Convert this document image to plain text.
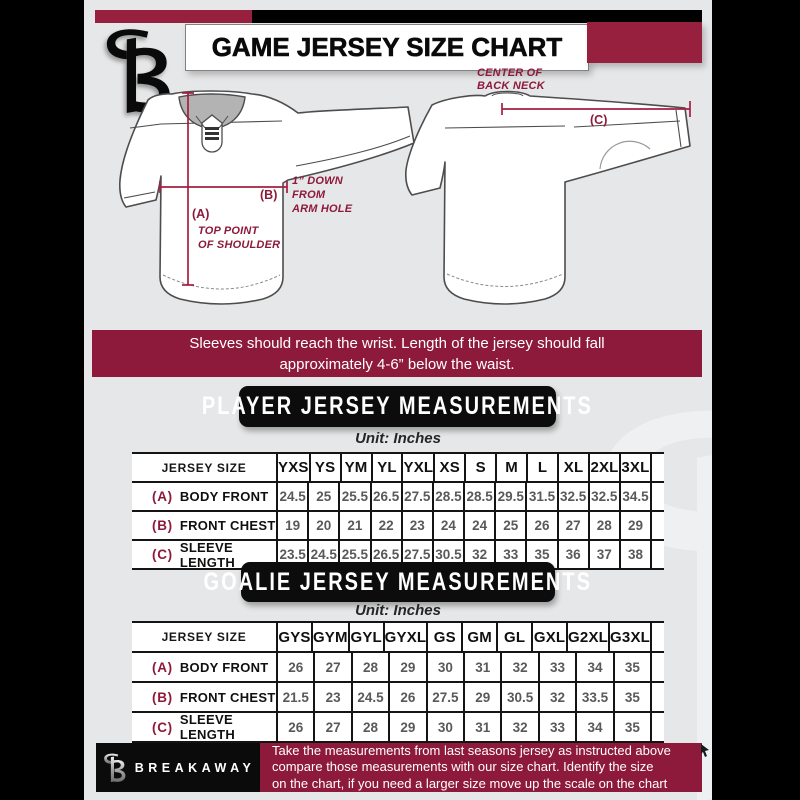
GAME JERSEY SIZE CHART
(A)
TOP POINT OF SHOULDER
(B)
1” DOWN FROM ARM HOLE
(C)
CENTER OF BACK NECK
Sleeves should reach the wrist. Length of the jersey should fall
approximately 4-6” below the waist.
PLAYER JERSEY MEASUREMENTS
Unit: Inches
JERSEY SIZE	YXS YS YM YL YXL XS S M L XL 2XL 3XL
(A) BODY FRONT 24.5 25 25.5 26.5 27.5 28.5 28.5 29.5 31.5 32.5 32.5 34.5
(B) FRONT CHEST 19 20 21 22 23 24 24 25 26 27 28 29
(C) SLEEVE LENGTH	23.5 24.5 25.5 26.5 27.5 30.5 32 33 35 36 37 38
GOALIE JERSEY MEASUREMENTS
Unit: Inches
JERSEY SIZE	GYS GYM GYL GYXL GS GM GL GXL G2XL G3XL
(A) BODY FRONT 26 27 28 29 30 31 32 33 34 35
(B) FRONT CHEST 21.5 23 24.5 26 27.5 29 30.5 32 33.5 35
(C) SLEEVE LENGTH	26 27 28 29 30 31 32 33 34 35
BREAKAWAY
Take the measurements from last seasons jersey as instructed above
compare those measurements with our size chart. Identify the size
on the chart, if you need a larger size move up the scale on the chart
